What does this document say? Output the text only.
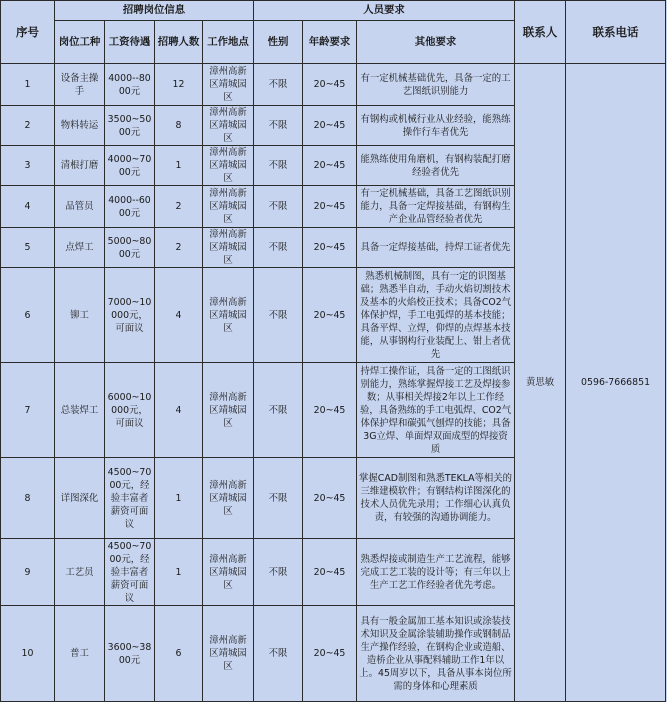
序号	招聘岗位信息				人员要求			联系人	联系电话
	岗位工种	工资待遇	招聘人数	工作地点	性别	年龄要求	其他要求		
1	设备主操手	4000--8000元	12	漳州高新区靖城园区	不限	20~45	有一定机械基础优先，具备一定的工艺图纸识别能力	黄思敏	0596-7666851
2	物料转运	3500~5000元	8	漳州高新区靖城园区	不限	20~45	有钢构或机械行业从业经验，能熟练操作行车者优先		
3	清根打磨	4000~7000元	1	漳州高新区靖城园区	不限	20~45	能熟练使用角磨机，有钢构装配打磨经验者优先		
4	品管员	4000--6000元	2	漳州高新区靖城园区	不限	20~45	有一定机械基础，具备工艺图纸识别能力，具备一定焊接基础，有钢构生产企业品管经验者优先		
5	点焊工	5000~8000元	2	漳州高新区靖城园区	不限	20~45	具备一定焊接基础，持焊工证者优先		
6	铆工	7000~10000元，可面议	4	漳州高新区靖城园区	不限	20~45	熟悉机械制图，具有一定的识图基础；熟悉半自动，手动火焰切割技术及基本的火焰校正技术；具备CO2气体保护焊，手工电弧焊的基本技能；具备平焊、立焊，仰焊的点焊基本技能，从事钢构行业装配上、钳上者优先		
7	总装焊工	6000~10000元，可面议	4	漳州高新区靖城园区	不限	20~45	持焊工操作证，具备一定的工图纸识别能力，熟练掌握焊接工艺及焊接参数；从事相关焊接2年以上工作经验，具备熟练的手工电弧焊、CO2气体保护焊和碳弧气刨焊的技能；具备3G立焊、单面焊双面成型的焊接资质		
8	详图深化	4500~7000元，经验丰富者薪资可面议	1	漳州高新区靖城园区	不限	20~45	掌握CAD制图和熟悉TEKLA等相关的三维建模软件；有钢结构详图深化的技术人员优先录用；工作细心认真负责，有较强的沟通协调能力。		
9	工艺员	4500~7000元，经验丰富者薪资可面议	1	漳州高新区靖城园区	不限	20~45	熟悉焊接或制造生产工艺流程，能够完成工艺工装的设计等；有三年以上生产工艺工作经验者优先考虑。		
10	普工	3600~3800元	6	漳州高新区靖城园区	不限	20~45	具有一般金属加工基本知识或涂装技术知识及金属涂装辅助操作或钢制品生产操作经验，在钢构企业或造船、造桥企业从事配料辅助工作1年以上。45周岁以下，具备从事本岗位所需的身体和心理素质		
